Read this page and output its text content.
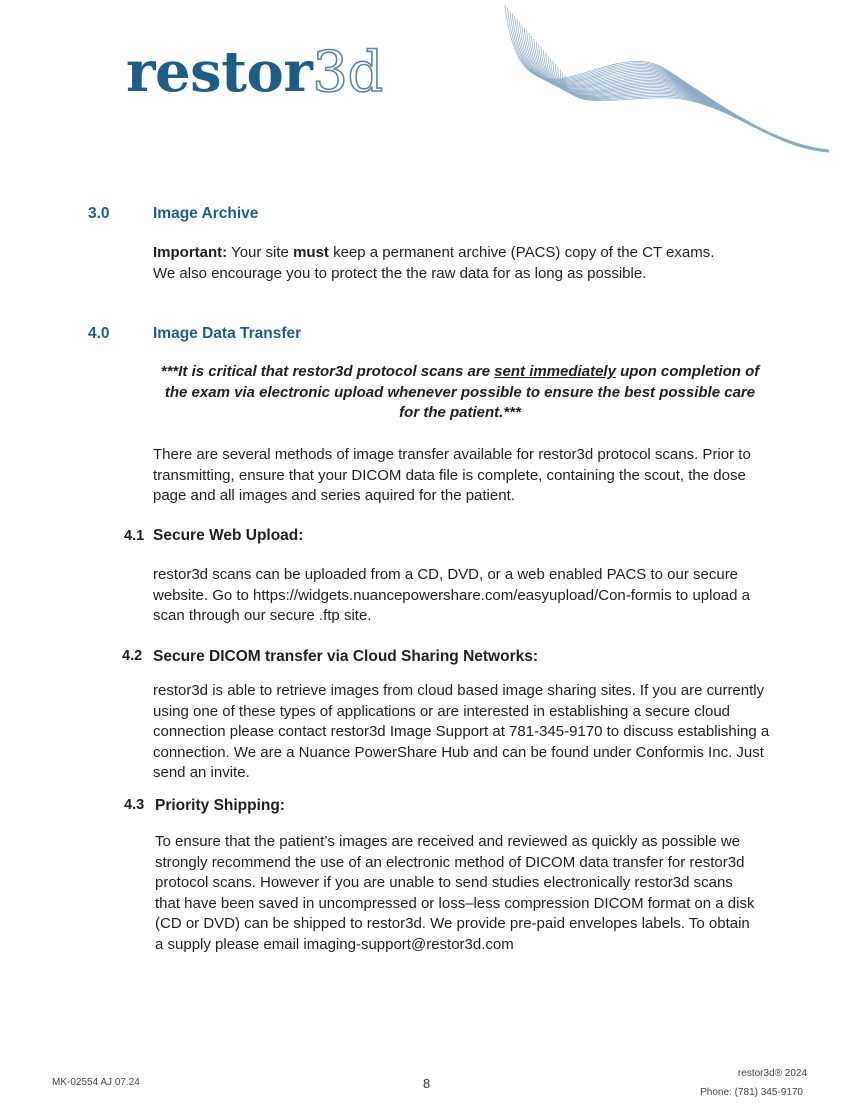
restor3d
3.0	Image Archive
Important: Your site must keep a permanent archive (PACS) copy of the CT exams. We also encourage you to protect the the raw data for as long as possible.
4.0	Image Data Transfer
***It is critical that restor3d protocol scans are sent immediately upon completion of the exam via electronic upload whenever possible to ensure the best possible care for the patient.***
There are several methods of image transfer available for restor3d protocol scans. Prior to transmitting, ensure that your DICOM data file is complete, containing the scout, the dose page and all images and series aquired for the patient.
4.1 Secure Web Upload:
restor3d scans can be uploaded from a CD, DVD, or a web enabled PACS to our secure website. Go to https://widgets.nuancepowershare.com/easyupload/Con-formis to upload a scan through our secure .ftp site.
4.2 Secure DICOM transfer via Cloud Sharing Networks:
restor3d is able to retrieve images from cloud based image sharing sites. If you are currently using one of these types of applications or are interested in establishing a secure cloud connection please contact restor3d Image Support at 781-345-9170 to discuss establishing a connection. We are a Nuance PowerShare Hub and can be found under Conformis Inc. Just send an invite.
4.3 Priority Shipping:
To ensure that the patient’s images are received and reviewed as quickly as possible we strongly recommend the use of an electronic method of DICOM data transfer for restor3d protocol scans. However if you are unable to send studies electronically restor3d scans that have been saved in uncompressed or loss–less compression DICOM format on a disk (CD or DVD) can be shipped to restor3d. We provide pre-paid envelopes labels. To obtain a supply please email imaging-support@restor3d.com
MK-02554 AJ 07.24	8
restor3d® 2024
Phone: (781) 345-9170
